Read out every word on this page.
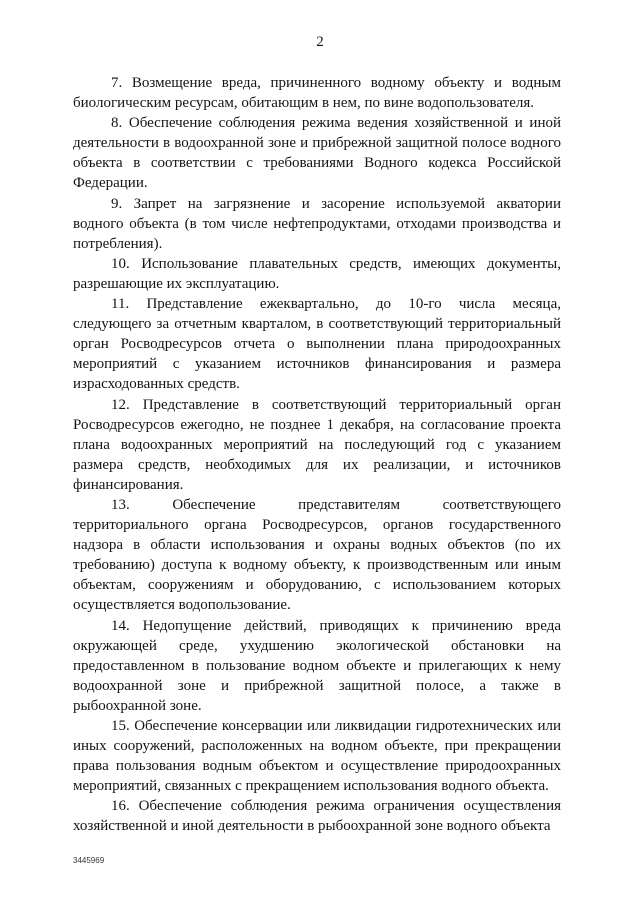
2

7. Возмещение вреда, причиненного водному объекту и водным биологическим ресурсам, обитающим в нем, по вине водопользователя.

8. Обеспечение соблюдения режима ведения хозяйственной и иной деятельности в водоохранной зоне и прибрежной защитной полосе водного объекта в соответствии с требованиями Водного кодекса Российской Федерации.

9. Запрет на загрязнение и засорение используемой акватории водного объекта (в том числе нефтепродуктами, отходами производства и потребления).

10. Использование плавательных средств, имеющих документы, разрешающие их эксплуатацию.

11. Представление ежеквартально, до 10-го числа месяца, следующего за отчетным кварталом, в соответствующий территориальный орган Росводресурсов отчета о выполнении плана природоохранных мероприятий с указанием источников финансирования и размера израсходованных средств.

12. Представление в соответствующий территориальный орган Росводресурсов ежегодно, не позднее 1 декабря, на согласование проекта плана водоохранных мероприятий на последующий год с указанием размера средств, необходимых для их реализации, и источников финансирования.

13. Обеспечение представителям соответствующего территориального органа Росводресурсов, органов государственного надзора в области использования и охраны водных объектов (по их требованию) доступа к водному объекту, к производственным или иным объектам, сооружениям и оборудованию, с использованием которых осуществляется водопользование.

14. Недопущение действий, приводящих к причинению вреда окружающей среде, ухудшению экологической обстановки на предоставленном в пользование водном объекте и прилегающих к нему водоохранной зоне и прибрежной защитной полосе, а также в рыбоохранной зоне.

15. Обеспечение консервации или ликвидации гидротехнических или иных сооружений, расположенных на водном объекте, при прекращении права пользования водным объектом и осуществление природоохранных мероприятий, связанных с прекращением использования водного объекта.

16. Обеспечение соблюдения режима ограничения осуществления хозяйственной и иной деятельности в рыбоохранной зоне водного объекта

3445969
